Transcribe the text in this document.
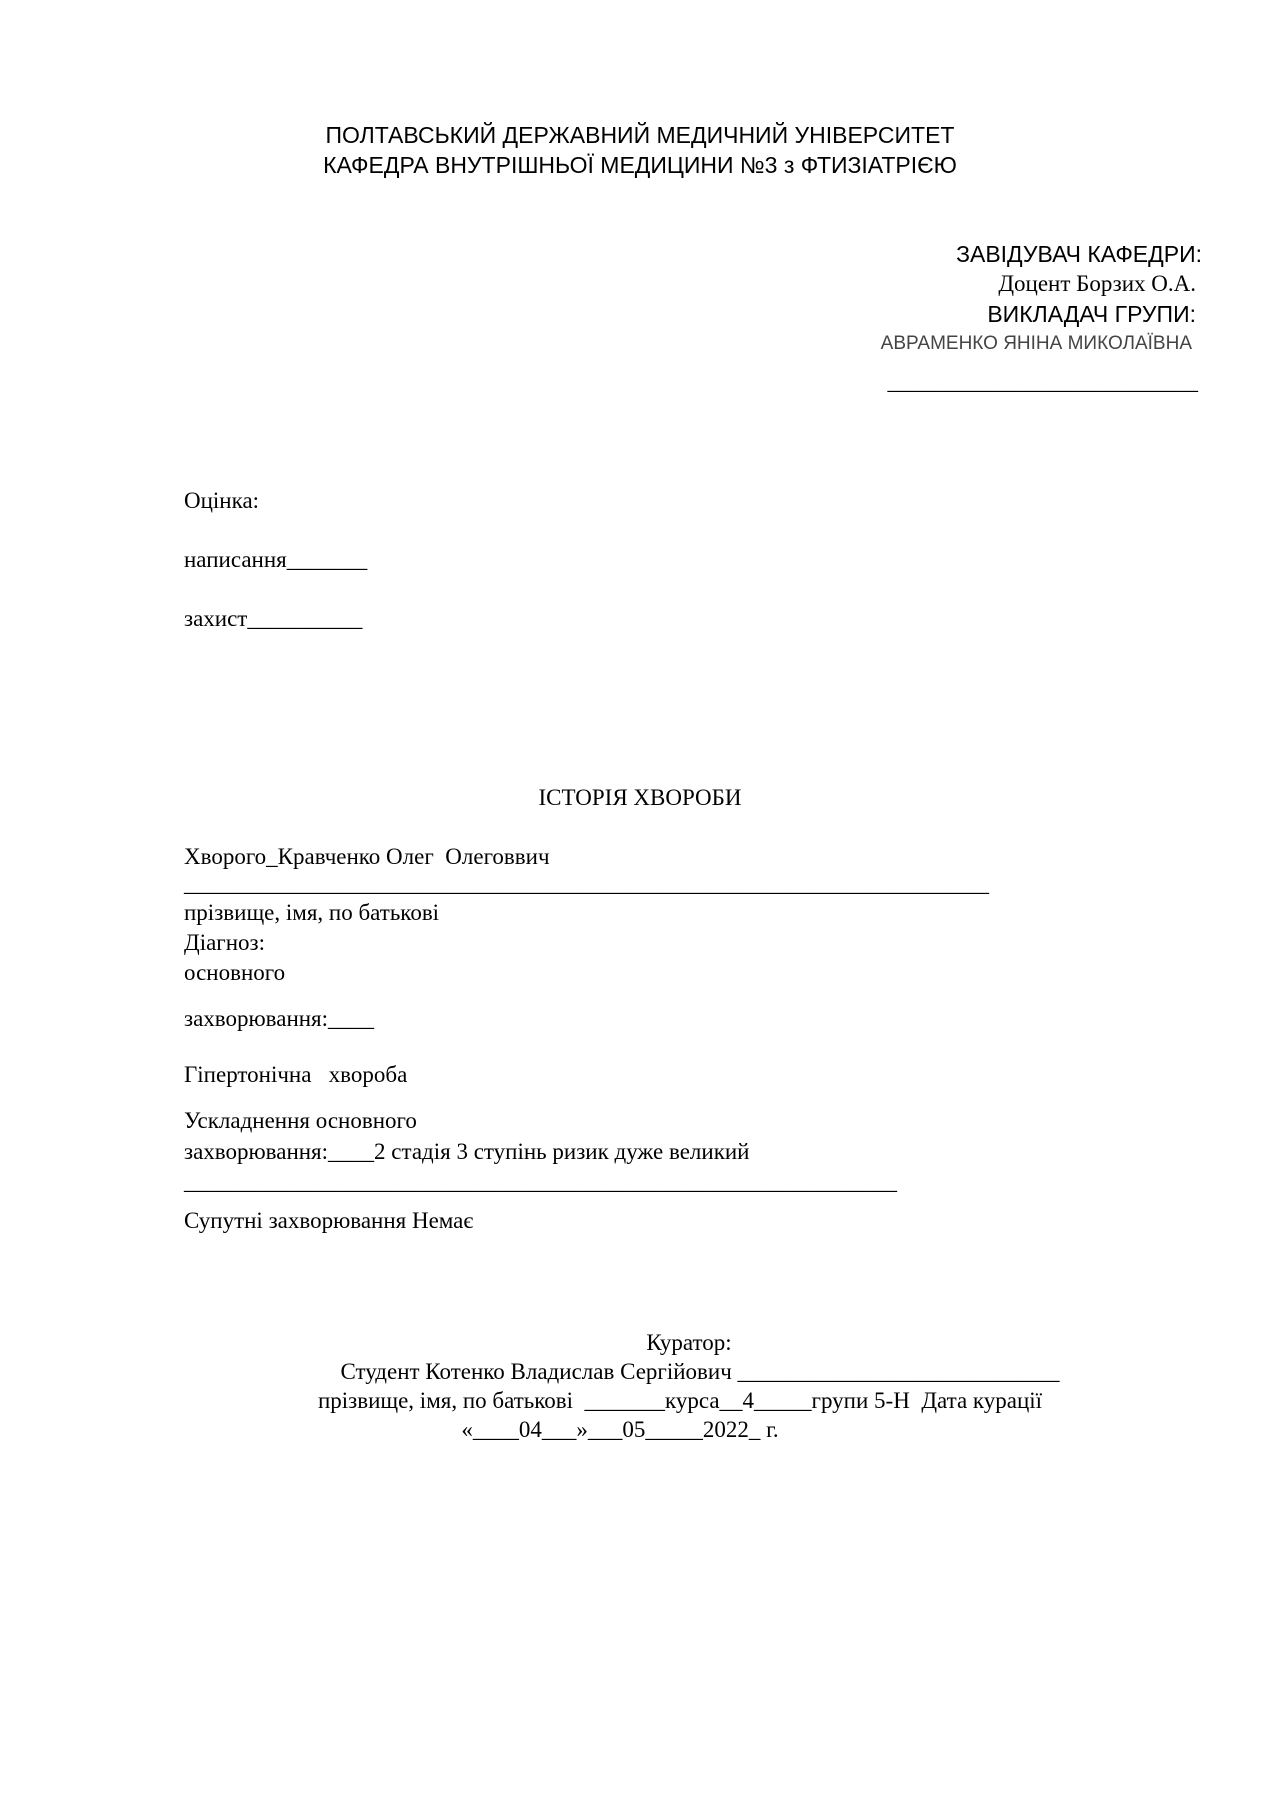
ПОЛТАВСЬКИЙ ДЕРЖАВНИЙ МЕДИЧНИЙ УНІВЕРСИТЕТ
КАФЕДРА ВНУТРІШНЬОЇ МЕДИЦИНИ №3 з ФТИЗІАТРІЄЮ
ЗАВІДУВАЧ КАФЕДРИ:
Доцент Борзих О.А.
ВИКЛАДАЧ ГРУПИ:
АВРАМЕНКО ЯНІНА МИКОЛАЇВНА
___________________________
Оцінка:
написання_______
захист__________
ІСТОРІЯ ХВОРОБИ
Хворого_Кравченко Олег  Олеговвич
______________________________________________________________________
прізвище, імя, по батькові
Діагноз:
основного
захворювання:____
Гіпертонічна   хвороба
Ускладнення основного
захворювання:____2 стадія 3 ступінь ризик дуже великий
______________________________________________________________
Супутні захворювання Немає
Куратор:
Студент Котенко Владислав Сергійович ____________________________
прізвище, імя, по батькові  _______курса__4_____групи 5-Н  Дата курації
«____04___»___05_____2022_ г.
